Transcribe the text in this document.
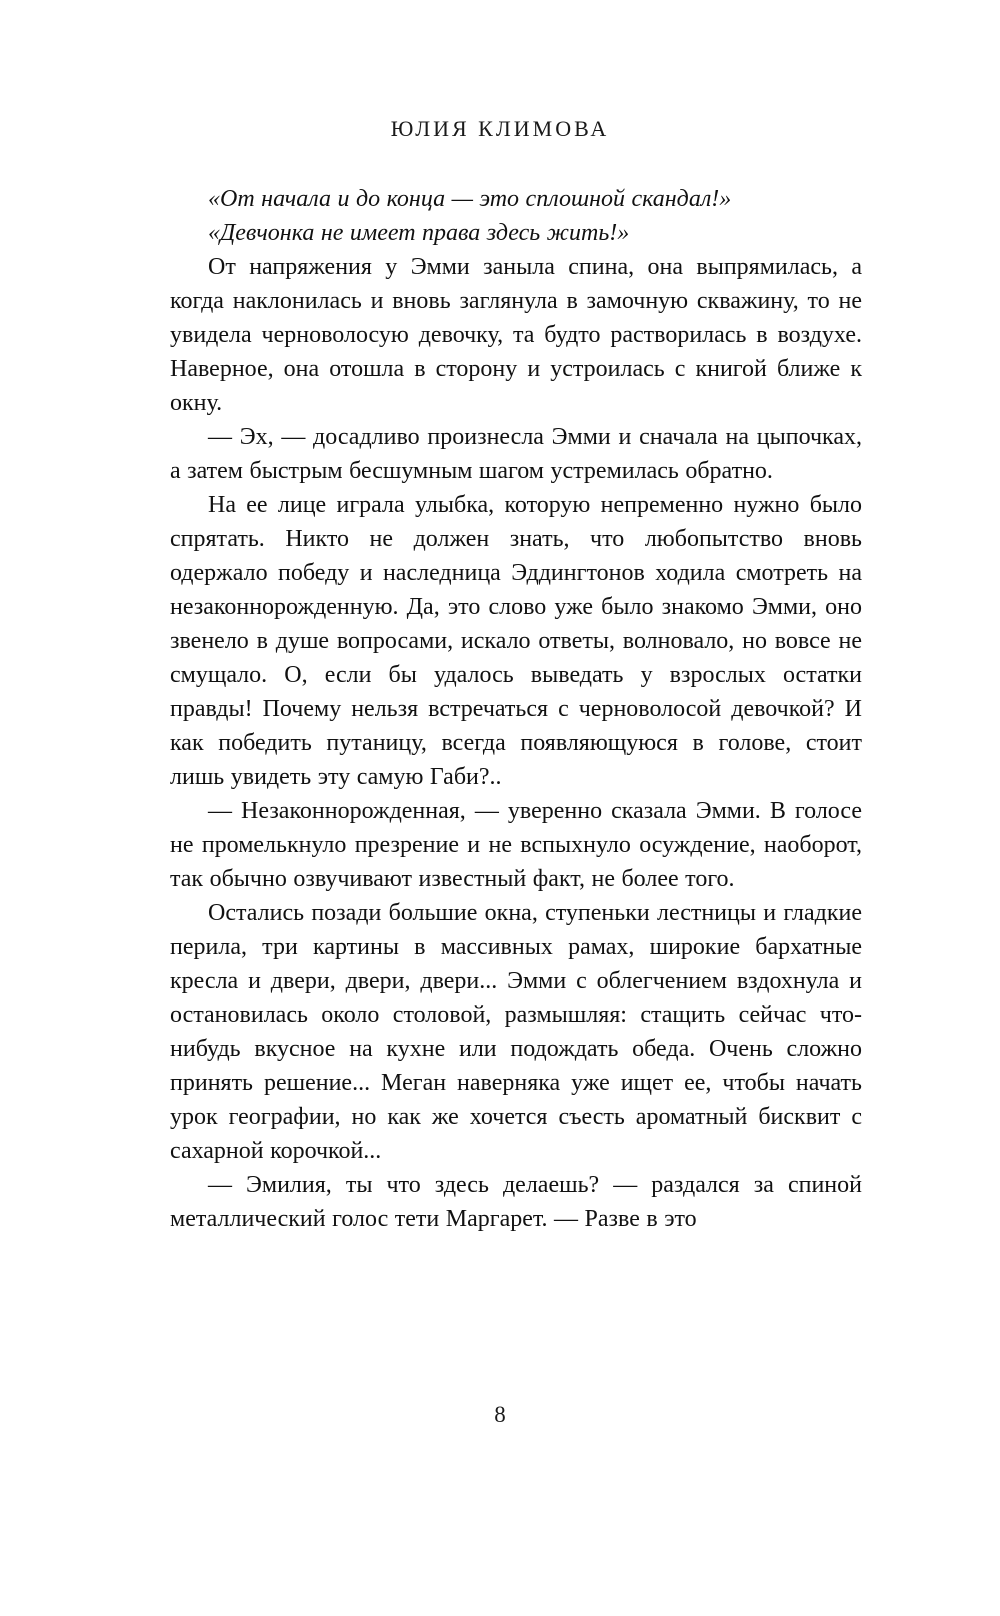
ЮЛИЯ КЛИМОВА

«От начала и до конца — это сплошной скандал!»

«Девчонка не имеет права здесь жить!»

От напряжения у Эмми заныла спина, она выпрямилась, а когда наклонилась и вновь заглянула в замочную скважину, то не увидела черноволосую девочку, та будто растворилась в воздухе. Наверное, она отошла в сторону и устроилась с книгой ближе к окну.

— Эх, — досадливо произнесла Эмми и сначала на цыпочках, а затем быстрым бесшумным шагом устремилась обратно.

На ее лице играла улыбка, которую непременно нужно было спрятать. Никто не должен знать, что любопытство вновь одержало победу и наследница Эддингтонов ходила смотреть на незаконнорожденную. Да, это слово уже было знакомо Эмми, оно звенело в душе вопросами, искало ответы, волновало, но вовсе не смущало. О, если бы удалось выведать у взрослых остатки правды! Почему нельзя встречаться с черноволосой девочкой? И как победить путаницу, всегда появляющуюся в голове, стоит лишь увидеть эту самую Габи?..

— Незаконнорожденная, — уверенно сказала Эмми. В голосе не промелькнуло презрение и не вспыхнуло осуждение, наоборот, так обычно озвучивают известный факт, не более того.

Остались позади большие окна, ступеньки лестницы и гладкие перила, три картины в массивных рамах, широкие бархатные кресла и двери, двери, двери... Эмми с облегчением вздохнула и остановилась около столовой, размышляя: стащить сейчас что-нибудь вкусное на кухне или подождать обеда. Очень сложно принять решение... Меган наверняка уже ищет ее, чтобы начать урок географии, но как же хочется съесть ароматный бисквит с сахарной корочкой...

— Эмилия, ты что здесь делаешь? — раздался за спиной металлический голос тети Маргарет. — Разве в это

8
